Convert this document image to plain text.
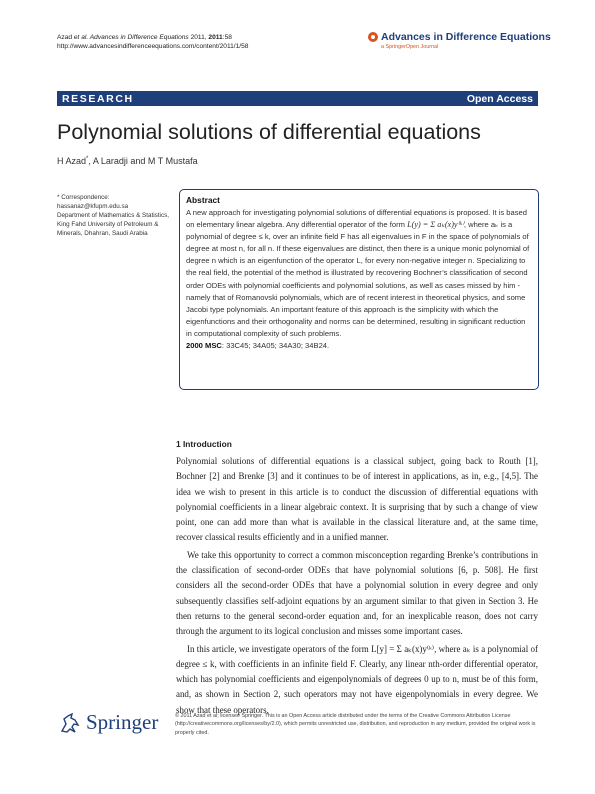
Azad et al. Advances in Difference Equations 2011, 2011:58
http://www.advancesindifferenceequations.com/content/2011/1/58
Advances in Difference Equations
a SpringerOpen Journal
RESEARCH	Open Access
Polynomial solutions of differential equations
H Azad*, A Laradji and M T Mustafa
* Correspondence:
hassanaz@kfupm.edu.sa
Department of Mathematics & Statistics, King Fahd University of Petroleum & Minerals, Dhahran, Saudi Arabia
Abstract
A new approach for investigating polynomial solutions of differential equations is proposed. It is based on elementary linear algebra. Any differential operator of the form L(y) = Σ aₖ(x)y⁽ᵏ⁾, where aₖ is a polynomial of degree ≤ k, over an infinite field F has all eigenvalues in F in the space of polynomials of degree at most n, for all n. If these eigenvalues are distinct, then there is a unique monic polynomial of degree n which is an eigenfunction of the operator L, for every non-negative integer n. Specializing to the real field, the potential of the method is illustrated by recovering Bochner’s classification of second order ODEs with polynomial coefficients and polynomial solutions, as well as cases missed by him - namely that of Romanovski polynomials, which are of recent interest in theoretical physics, and some Jacobi type polynomials. An important feature of this approach is the simplicity with which the eigenfunctions and their orthogonality and norms can be determined, resulting in significant reduction in computational complexity of such problems.
2000 MSC: 33C45; 34A05; 34A30; 34B24.
1 Introduction

Polynomial solutions of differential equations is a classical subject, going back to Routh [1], Bochner [2] and Brenke [3] and it continues to be of interest in applications, as in, e.g., [4,5]. The idea we wish to present in this article is to conduct the discussion of differential equations with polynomial coefficients in a linear algebraic context. It is surprising that by such a change of view point, one can add more than what is available in the classical literature and, at the same time, recover classical results efficiently and in a unified manner.

We take this opportunity to correct a common misconception regarding Brenke’s contributions in the classification of second-order ODEs that have polynomial solutions [6, p. 508]. He first considers all the second-order ODEs that have a polynomial solution in every degree and only subsequently classifies self-adjoint equations by an argument similar to that given in Section 3. He then returns to the general second-order equation and, for an inexplicable reason, does not carry through the argument to its logical conclusion and misses some important cases.

In this article, we investigate operators of the form L[y] = Σ aₖ(x)y⁽ᵏ⁾, where aₖ is a polynomial of degree ≤ k, with coefficients in an infinite field F. Clearly, any linear nth-order differential operator, which has polynomial coefficients and eigenpolynomials of degrees 0 up to n, must be of this form, and, as shown in Section 2, such operators may not have eigenpolynomials in every degree. We show that these operators,

Springer	© 2011 Azad et al; licensee Springer. This is an Open Access article distributed under the terms of the Creative Commons Attribution License (http://creativecommons.org/licenses/by/2.0), which permits unrestricted use, distribution, and reproduction in any medium, provided the original work is properly cited.
